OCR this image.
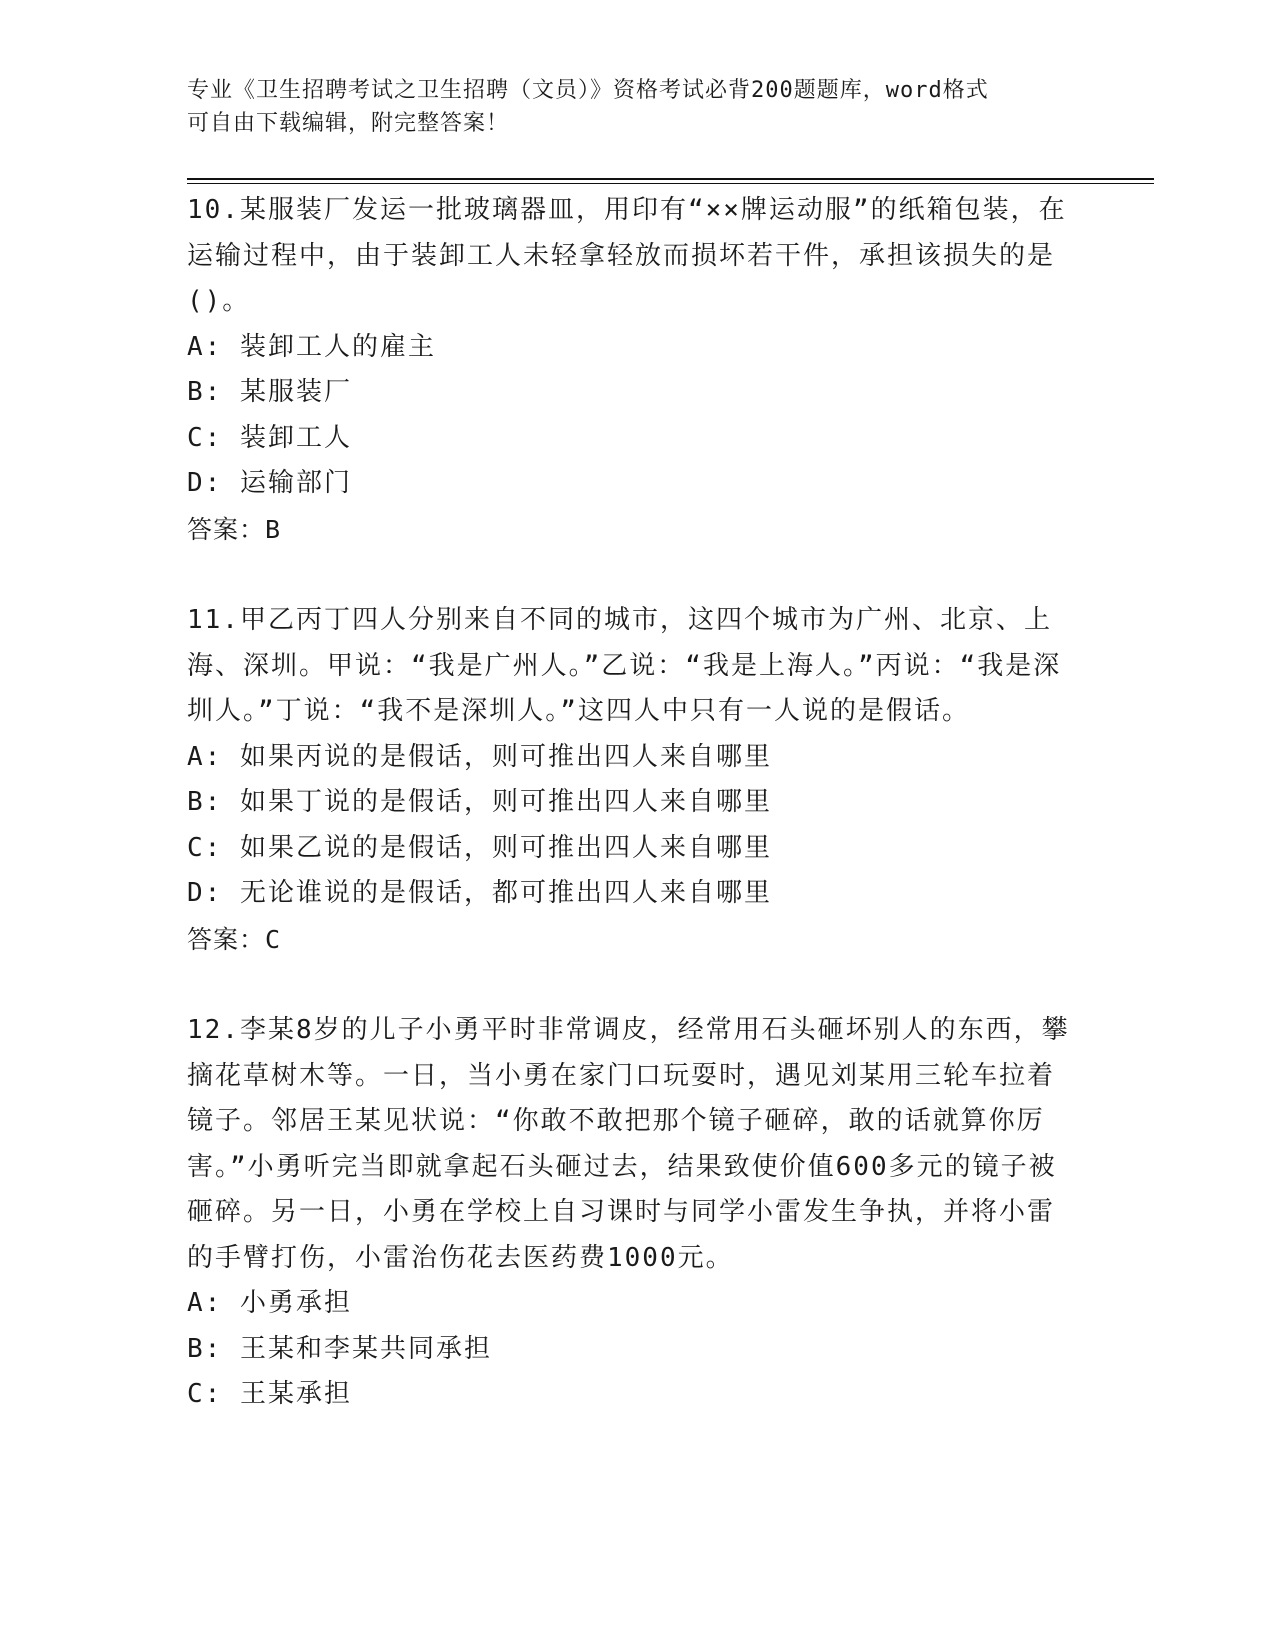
专业《卫生招聘考试之卫生招聘（文员）》资格考试必背200题题库，word格式
可自由下载编辑，附完整答案！

10.某服装厂发运一批玻璃器皿，用印有“××牌运动服”的纸箱包装，在运输过程中，由于装卸工人未轻拿轻放而损坏若干件，承担该损失的是()。

A: 装卸工人的雇主

B: 某服装厂

C: 装卸工人

D: 运输部门

答案：B

11.甲乙丙丁四人分别来自不同的城市，这四个城市为广州、北京、上海、深圳。甲说：“我是广州人。”乙说：“我是上海人。”丙说：“我是深圳人。”丁说：“我不是深圳人。”这四人中只有一人说的是假话。

A: 如果丙说的是假话，则可推出四人来自哪里

B: 如果丁说的是假话，则可推出四人来自哪里

C: 如果乙说的是假话，则可推出四人来自哪里

D: 无论谁说的是假话，都可推出四人来自哪里

答案：C

12.李某8岁的儿子小勇平时非常调皮，经常用石头砸坏别人的东西，攀摘花草树木等。一日，当小勇在家门口玩耍时，遇见刘某用三轮车拉着镜子。邻居王某见状说：“你敢不敢把那个镜子砸碎，敢的话就算你厉害。”小勇听完当即就拿起石头砸过去，结果致使价值600多元的镜子被砸碎。另一日，小勇在学校上自习课时与同学小雷发生争执，并将小雷的手臂打伤，小雷治伤花去医药费1000元。

A: 小勇承担

B: 王某和李某共同承担

C: 王某承担
